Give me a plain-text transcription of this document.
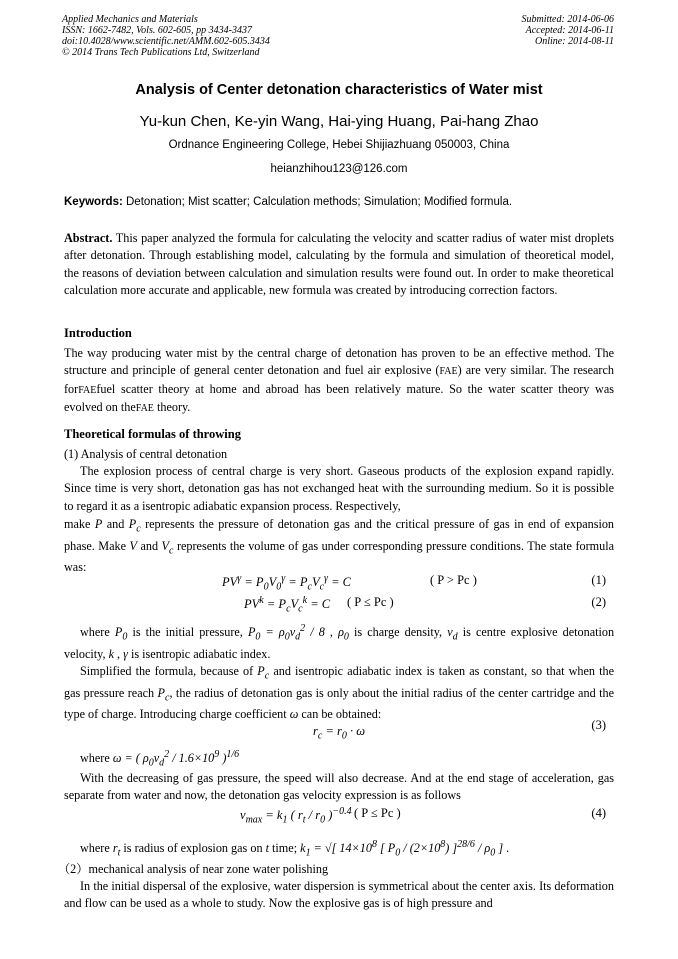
Applied Mechanics and Materials
ISSN: 1662-7482, Vols. 602-605, pp 3434-3437
doi:10.4028/www.scientific.net/AMM.602-605.3434
© 2014 Trans Tech Publications Ltd, Switzerland
Submitted: 2014-06-06
Accepted: 2014-06-11
Online: 2014-08-11
Analysis of Center detonation characteristics of Water mist
Yu-kun Chen, Ke-yin Wang, Hai-ying Huang, Pai-hang Zhao
Ordnance Engineering College, Hebei Shijiazhuang 050003, China
heianzhihou123@126.com
Keywords: Detonation; Mist scatter; Calculation methods; Simulation; Modified formula.

Abstract. This paper analyzed the formula for calculating the velocity and scatter radius of water mist droplets after detonation. Through establishing model, calculating by the formula and simulation of theoretical model, the reasons of deviation between calculation and simulation results were found out. In order to make theoretical calculation more accurate and applicable, new formula was created by introducing correction factors.

Introduction

The way producing water mist by the central charge of detonation has proven to be an effective method. The structure and principle of general center detonation and fuel air explosive (FAE) are very similar. The research forFAEfuel scatter theory at home and abroad has been relatively mature. So the water scatter theory was evolved on theFAE theory.

Theoretical formulas of throwing
(1) Analysis of central detonation

The explosion process of central charge is very short. Gaseous products of the explosion expand rapidly. Since time is very short, detonation gas has not exchanged heat with the surrounding medium. So it is possible to regard it as a isentropic adiabatic expansion process. Respectively,

make P and $P_c$ represents the pressure of detonation gas and the critical pressure of gas in end of expansion phase. Make V and $V_c$ represents the volume of gas under corresponding pressure conditions. The state formula was:

$PV^\gamma = P_0V_0^\gamma = P_cV_c^\gamma = C$	( P > Pc )	(1)
$PV^k = P_cV_c^k = C$ ( P ≤ Pc )	(2)

where $P_0$ is the initial pressure, $P_0 = \rho_0v_d^2 / 8$ , $\rho_0$ is charge density, $v_d$ is centre explosive detonation velocity, k , γ is isentropic adiabatic index.

Simplified the formula, because of $P_c$ and isentropic adiabatic index is taken as constant, so that when the gas pressure reach $P_c$, the radius of detonation gas is only about the initial radius of the center cartridge and the type of charge. Introducing charge coefficient ω can be obtained:

$r_c = r_0 \cdot \omega$	(3)

where ω = ( $\rho_0v_d^2 / 1.6\times 10^9$ )$^{1/6}$

With the decreasing of gas pressure, the speed will also decrease. And at the end stage of acceleration, gas separate from water and now, the detonation gas velocity expression is as follows

$v_{max} = k_1$ ( $r_t / r_0$ )$^{-0.4}$ ( P ≤ Pc )	(4)

where $r_t$ is radius of explosion gas on t time; $k_1$ = √[ $14\times 10^8$ [ $P_0 / (2\times 10^8)$ ]$^{28/6} / \rho_0$ ] .

（2）mechanical analysis of near zone water polishing

In the initial dispersal of the explosive, water dispersion is symmetrical about the center axis. Its deformation and flow can be used as a whole to study. Now the explosive gas is of high pressure and
